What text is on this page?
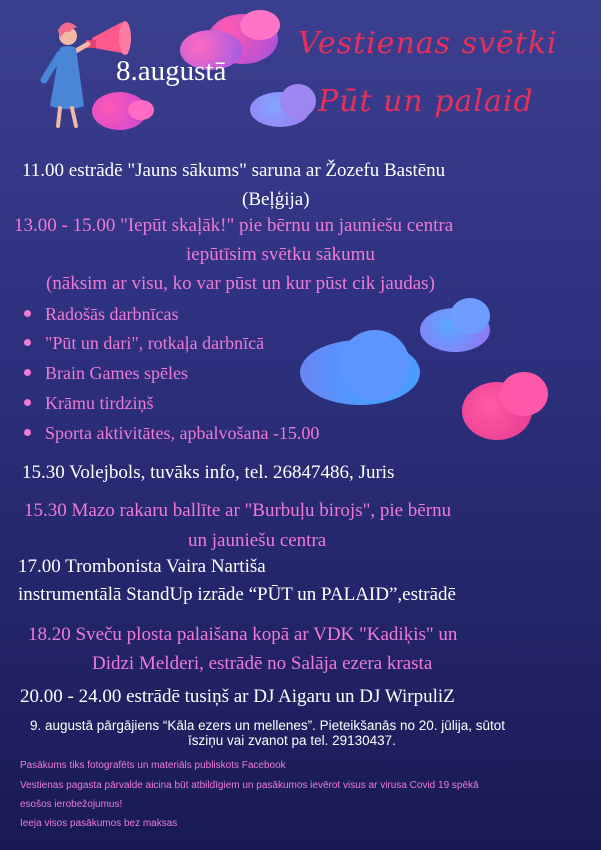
Vestienas svētki
Pūt un palaid
8.augustā
11.00 estrādē "Jauns sākums" saruna ar Žozefu Bastēnu
(Beļģija)
13.00 - 15.00 "Iepūt skaļāk!" pie bērnu un jauniešu centra
iepūtīsim svētku sākumu
(nāksim ar visu, ko var pūst un kur pūst cik jaudas)
Radošās darbnīcas
"Pūt un dari", rotkaļa darbnīcā
Brain Games spēles
Krāmu tirdziņš
Sporta aktivitātes, apbalvošana -15.00
15.30 Volejbols, tuvāks info, tel. 26847486, Juris
15.30 Mazo rakaru ballīte ar "Burbuļu birojs", pie bērnu
un jauniešu centra
17.00 Trombonista Vaira Nartiša
instrumentālā StandUp izrāde “PŪT un PALAID”,estrādē
18.20 Sveču plosta palaišana kopā ar VDK "Kadiķis" un
Didzi Melderi, estrādē no Salāja ezera krasta
20.00 - 24.00 estrādē tusiņš ar DJ Aigaru un DJ WirpuliZ
9. augustā pārgājiens “Kāla ezers un mellenes”. Pieteikšanās no 20. jūlija, sūtot
īsziņu vai zvanot pa tel. 29130437.
Pasākums tiks fotografēts un materiāls publiskots Facebook
Vestienas pagasta pārvalde aicina būt atbildīgiem un pasākumos ievērot visus ar virusa Covid 19 spēkā
esošos ierobežojumus!
Ieeja visos pasākumos bez maksas
